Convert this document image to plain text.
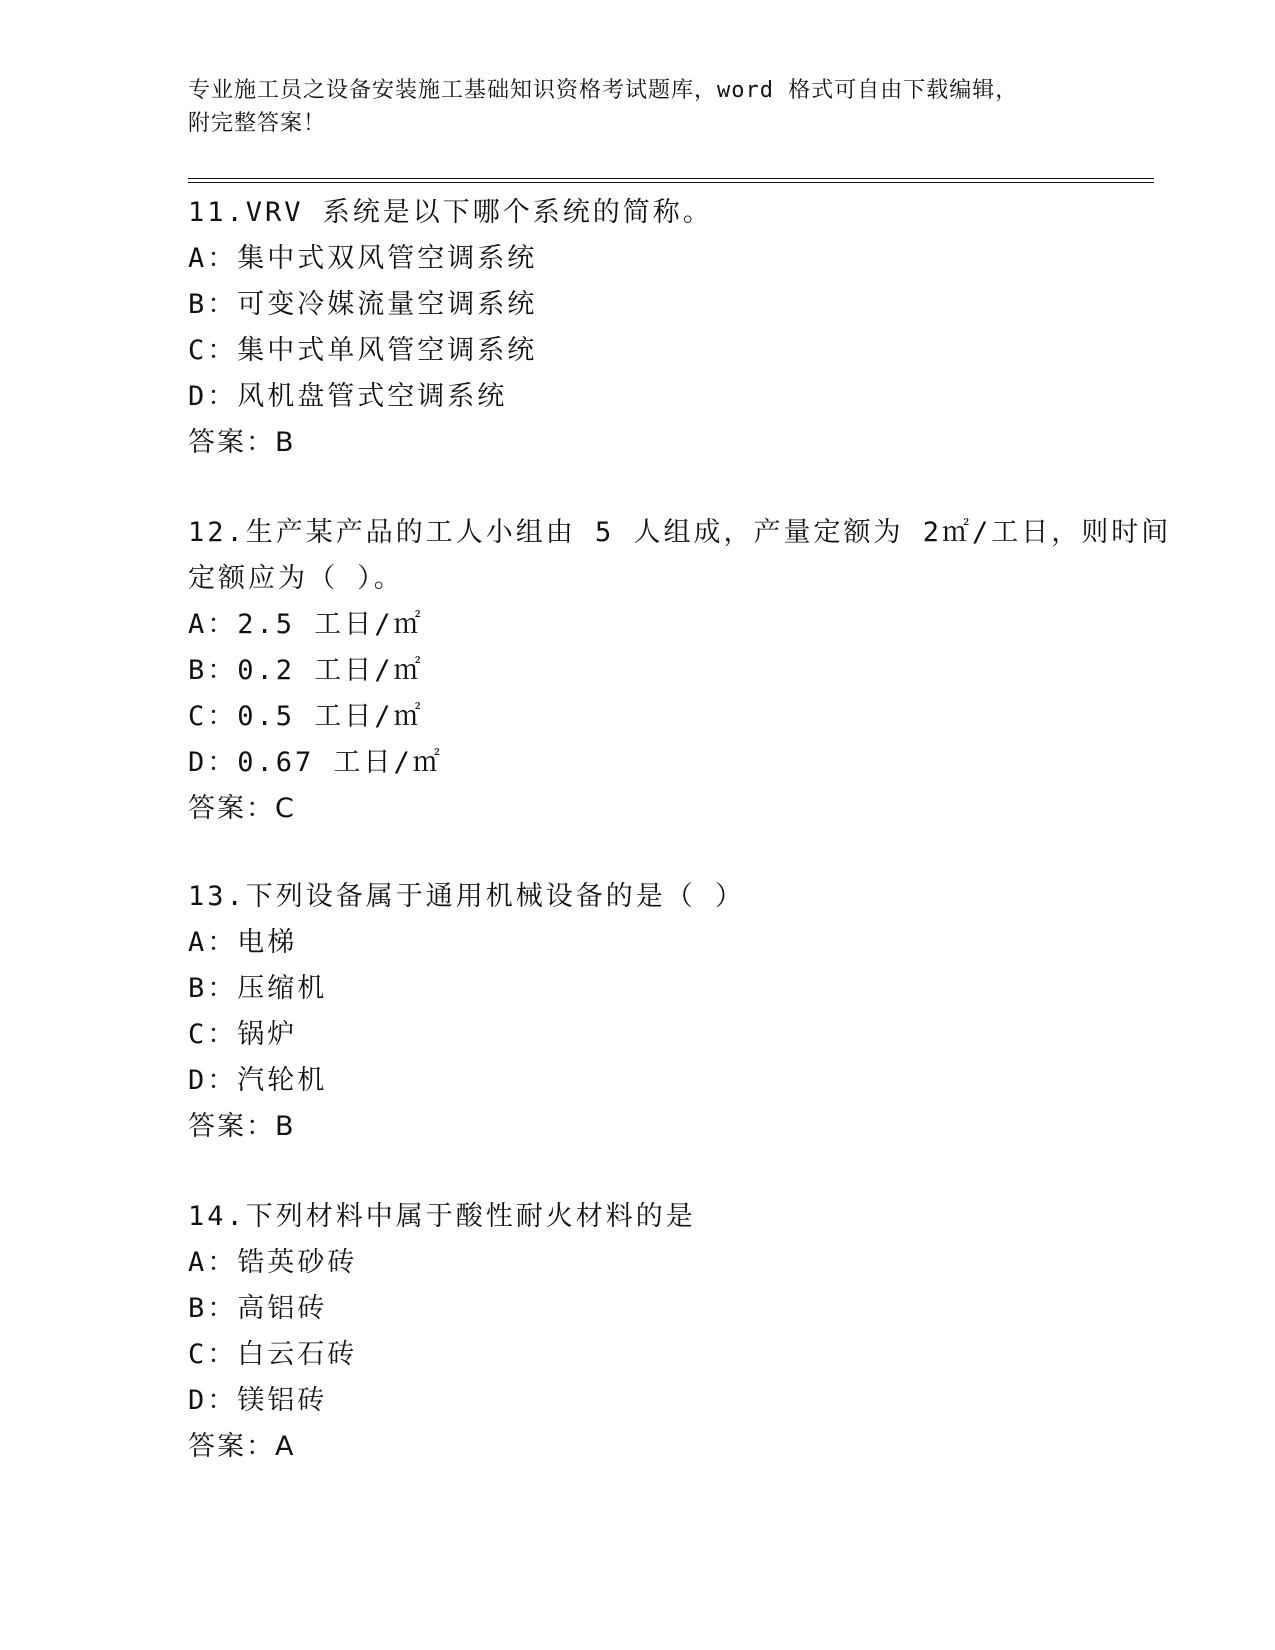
专业施工员之设备安装施工基础知识资格考试题库，word 格式可自由下载编辑，
附完整答案！
11.VRV 系统是以下哪个系统的简称。
A：集中式双风管空调系统
B：可变冷媒流量空调系统
C：集中式单风管空调系统
D：风机盘管式空调系统
答案：B
12.生产某产品的工人小组由 5 人组成，产量定额为 2㎡/工日，则时间
定额应为（ ）。
A：2.5 工日/㎡
B：0.2 工日/㎡
C：0.5 工日/㎡
D：0.67 工日/㎡
答案：C
13.下列设备属于通用机械设备的是（ ）
A：电梯
B：压缩机
C：锅炉
D：汽轮机
答案：B
14.下列材料中属于酸性耐火材料的是
A：锆英砂砖
B：高铝砖
C：白云石砖
D：镁铝砖
答案：A
